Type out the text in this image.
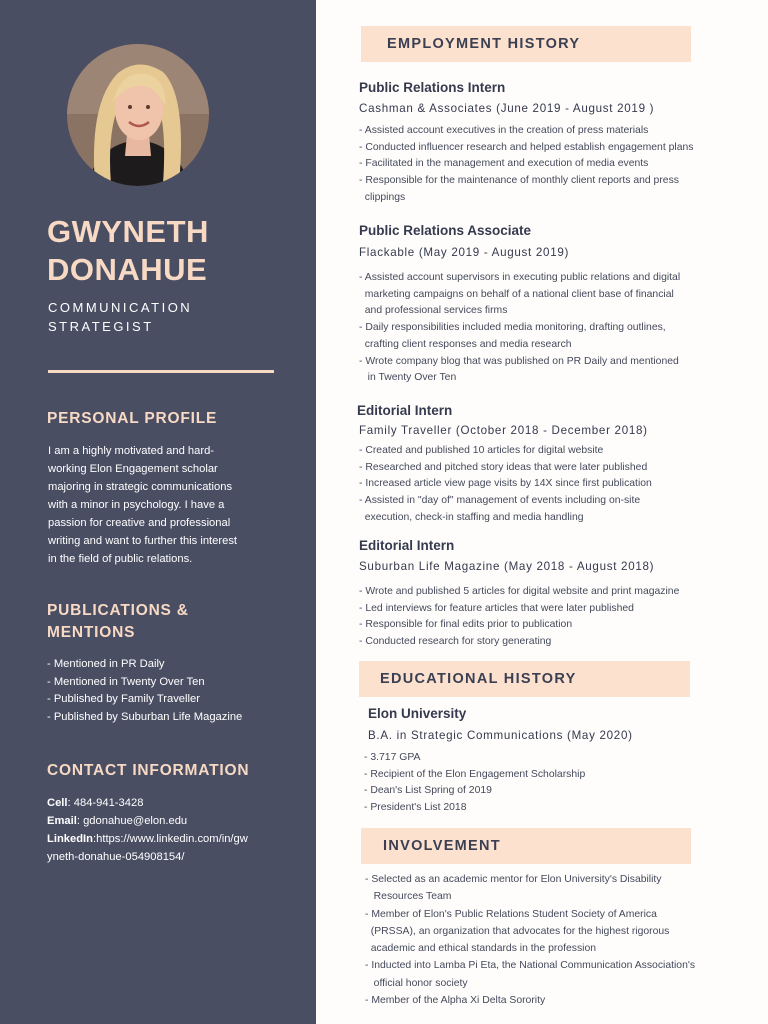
GWYNETH
DONAHUE
COMMUNICATION
STRATEGIST
PERSONAL PROFILE
I am a highly motivated and hard-
working Elon Engagement scholar
majoring in strategic communications
with a minor in psychology. I have a
passion for creative and professional
writing and want to further this interest
in the field of public relations.
PUBLICATIONS &
MENTIONS
- Mentioned in PR Daily
- Mentioned in Twenty Over Ten
- Published by Family Traveller
- Published by Suburban Life Magazine
CONTACT INFORMATION
Cell: 484-941-3428
Email: gdonahue@elon.edu
LinkedIn:https://www.linkedin.com/in/gw
yneth-donahue-054908154/
EMPLOYMENT HISTORY
Public Relations Intern
Cashman & Associates (June 2019 - August 2019 )
- Assisted account executives in the creation of press materials
- Conducted influencer research and helped establish engagement plans
- Facilitated in the management and execution of media events
- Responsible for the maintenance of monthly client reports and press
clippings
Public Relations Associate
Flackable (May 2019 - August 2019)
- Assisted account supervisors in executing public relations and digital
marketing campaigns on behalf of a national client base of financial
and professional services firms
- Daily responsibilities included media monitoring, drafting outlines,
crafting client responses and media research
- Wrote company blog that was published on PR Daily and mentioned
in Twenty Over Ten
Editorial Intern
Family Traveller (October 2018 - December 2018)
- Created and published 10 articles for digital website
- Researched and pitched story ideas that were later published
- Increased article view page visits by 14X since first publication
- Assisted in "day of" management of events including on-site
execution, check-in staffing and media handling
Editorial Intern
Suburban Life Magazine (May 2018 - August 2018)
- Wrote and published 5 articles for digital website and print magazine
- Led interviews for feature articles that were later published
- Responsible for final edits prior to publication
- Conducted research for story generating
EDUCATIONAL HISTORY
Elon University
B.A. in Strategic Communications (May 2020)
- 3.717 GPA
- Recipient of the Elon Engagement Scholarship
- Dean's List Spring of 2019
- President's List 2018
INVOLVEMENT
- Selected as an academic mentor for Elon University's Disability
Resources Team
- Member of Elon's Public Relations Student Society of America
(PRSSA), an organization that advocates for the highest rigorous
academic and ethical standards in the profession
- Inducted into Lamba Pi Eta, the National Communication Association's
official honor society
- Member of the Alpha Xi Delta Sorority
